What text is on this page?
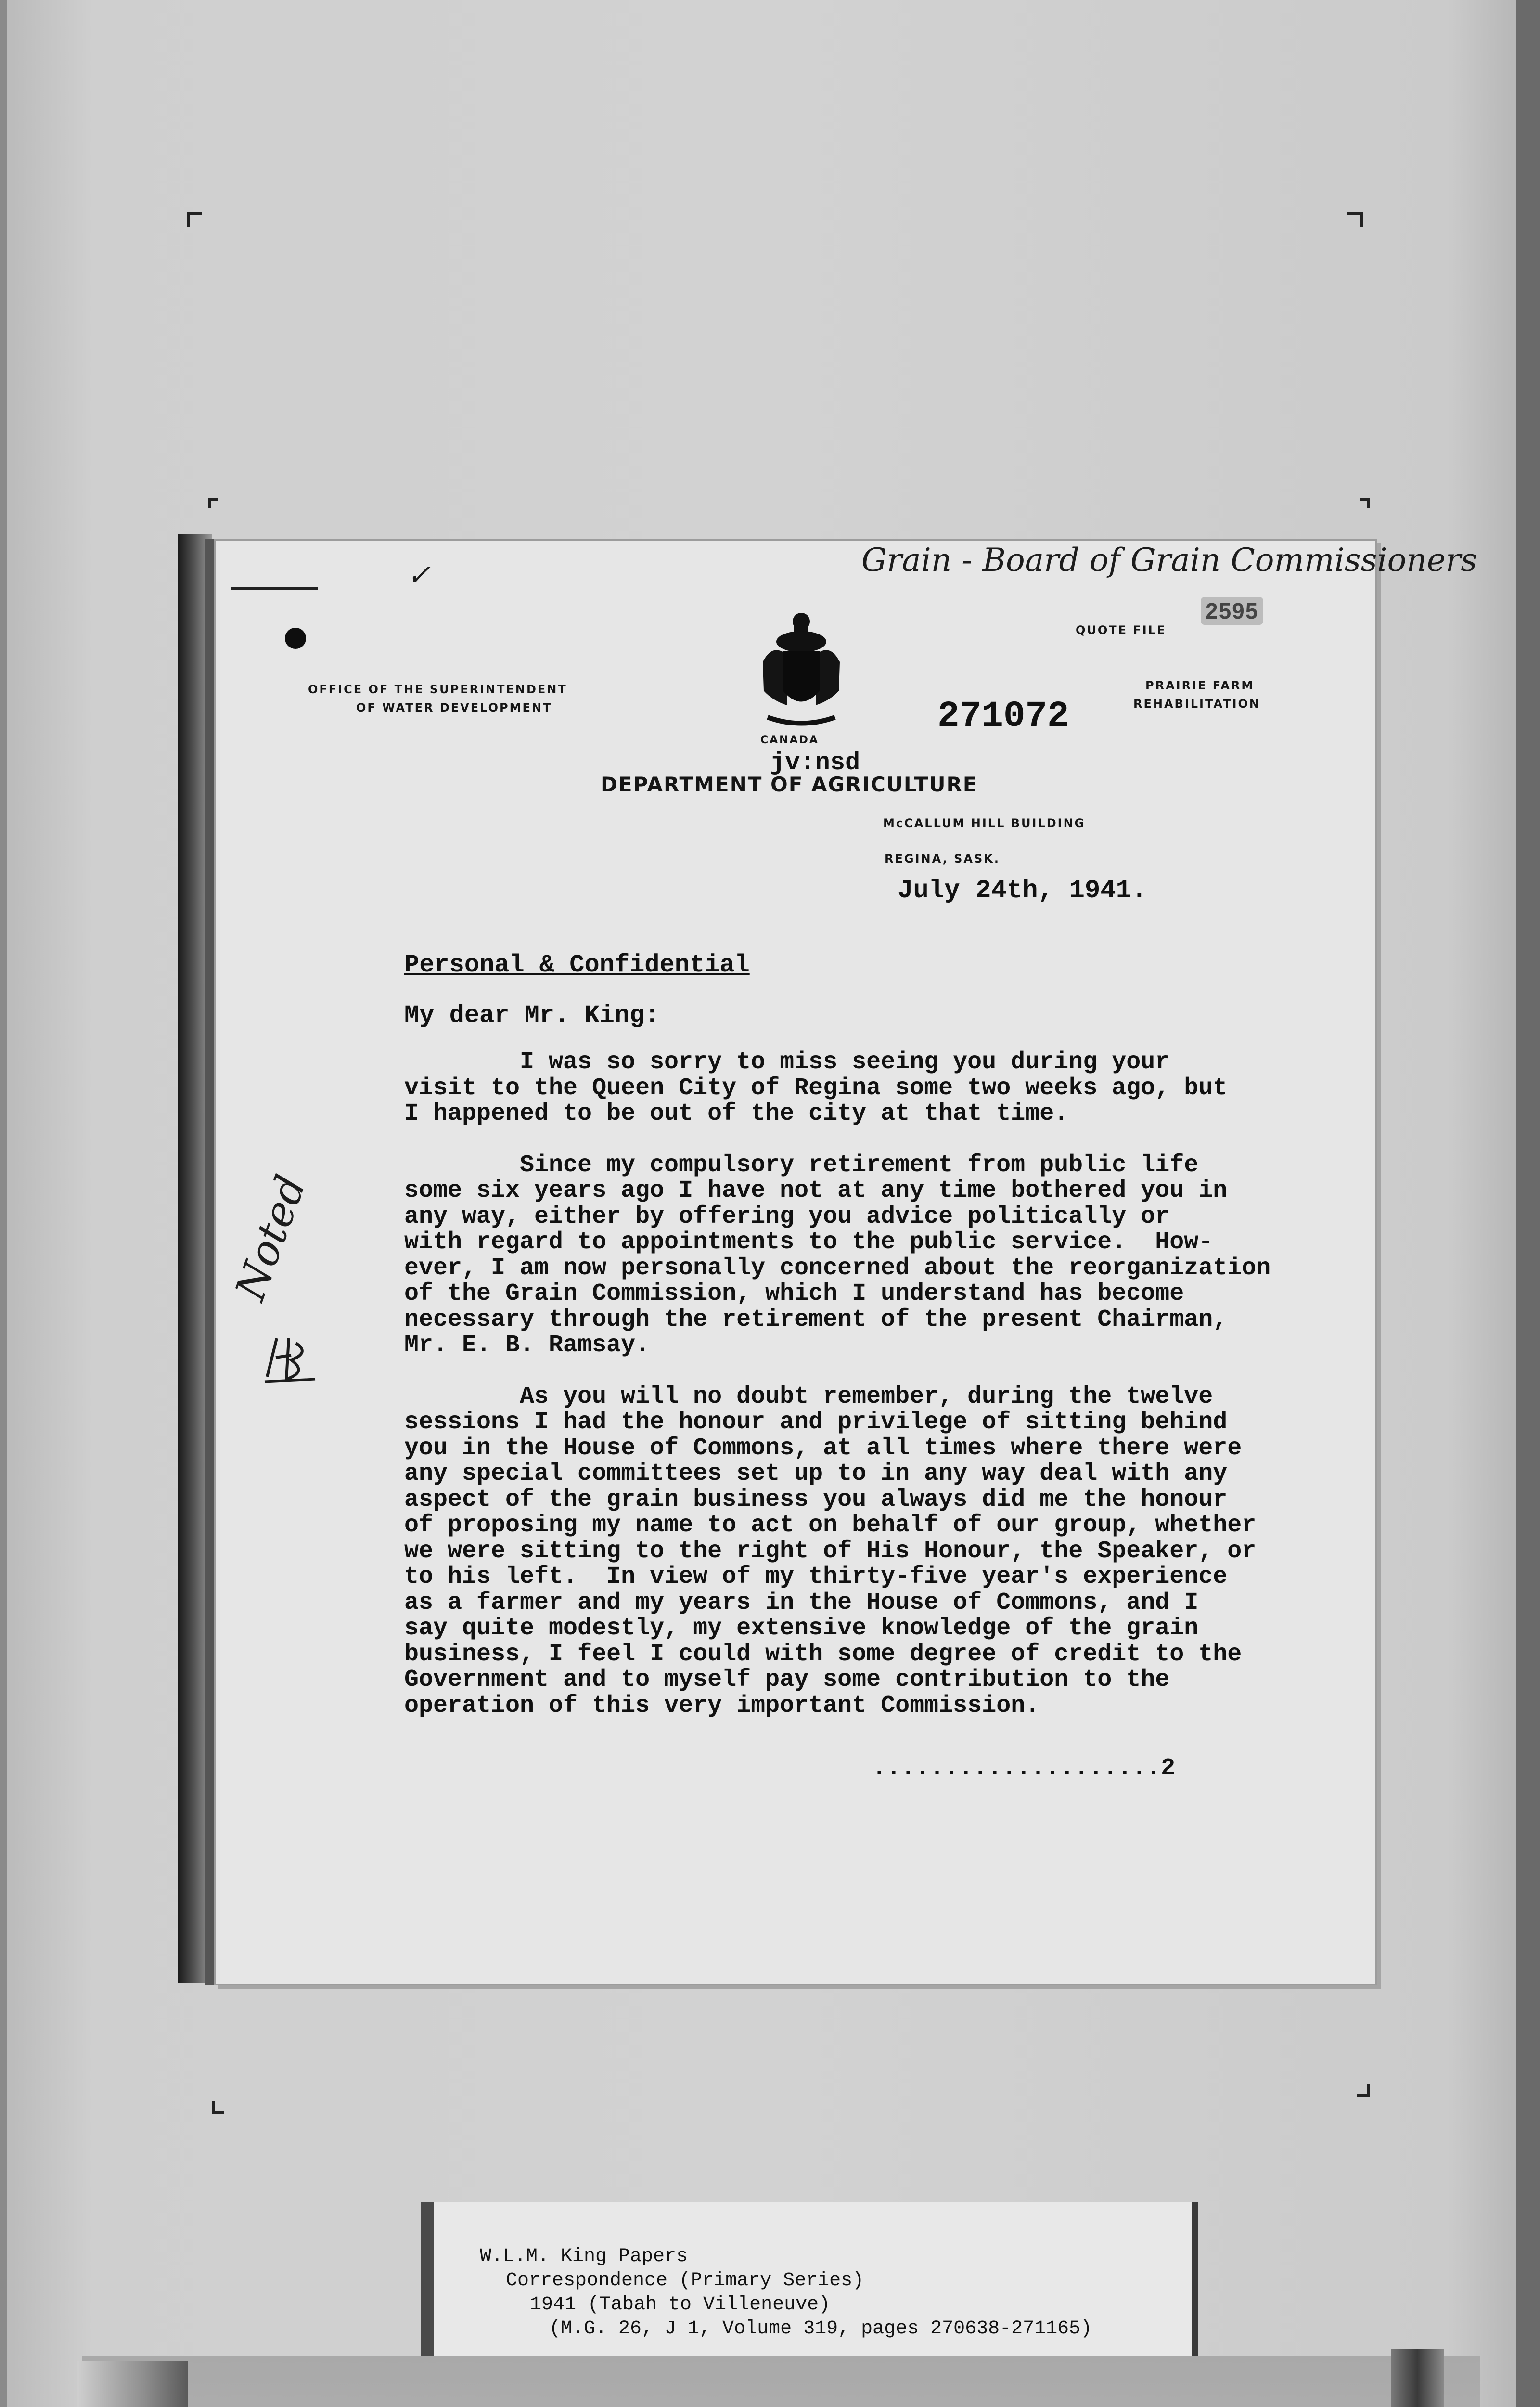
Grain - Board of Grain Commissioners
✓
QUOTE FILE
2595
OFFICE OF THE SUPERINTENDENT
OF WATER DEVELOPMENT
PRAIRIE FARM
REHABILITATION
CANADA
271072
jv:nsd
DEPARTMENT OF AGRICULTURE
McCALLUM HILL BUILDING
REGINA, SASK.
July 24th, 1941.
Personal & Confidential
My dear Mr. King:

I was so sorry to miss seeing you during your
visit to the Queen City of Regina some two weeks ago, but
I happened to be out of the city at that time.

Since my compulsory retirement from public life
some six years ago I have not at any time bothered you in
any way, either by offering you advice politically or
with regard to appointments to the public service.  How-
ever, I am now personally concerned about the reorganization
of the Grain Commission, which I understand has become
necessary through the retirement of the present Chairman,
Mr. E. B. Ramsay.

As you will no doubt remember, during the twelve
sessions I had the honour and privilege of sitting behind
you in the House of Commons, at all times where there were
any special committees set up to in any way deal with any
aspect of the grain business you always did me the honour
of proposing my name to act on behalf of our group, whether
we were sitting to the right of His Honour, the Speaker, or
to his left.  In view of my thirty-five year's experience
as a farmer and my years in the House of Commons, and I
say quite modestly, my extensive knowledge of the grain
business, I feel I could with some degree of credit to the
Government and to myself pay some contribution to the
operation of this very important Commission.

....................2
Noted
W.L.M. King Papers
Correspondence (Primary Series)
1941 (Tabah to Villeneuve)
(M.G. 26, J 1, Volume 319, pages 270638-271165)
